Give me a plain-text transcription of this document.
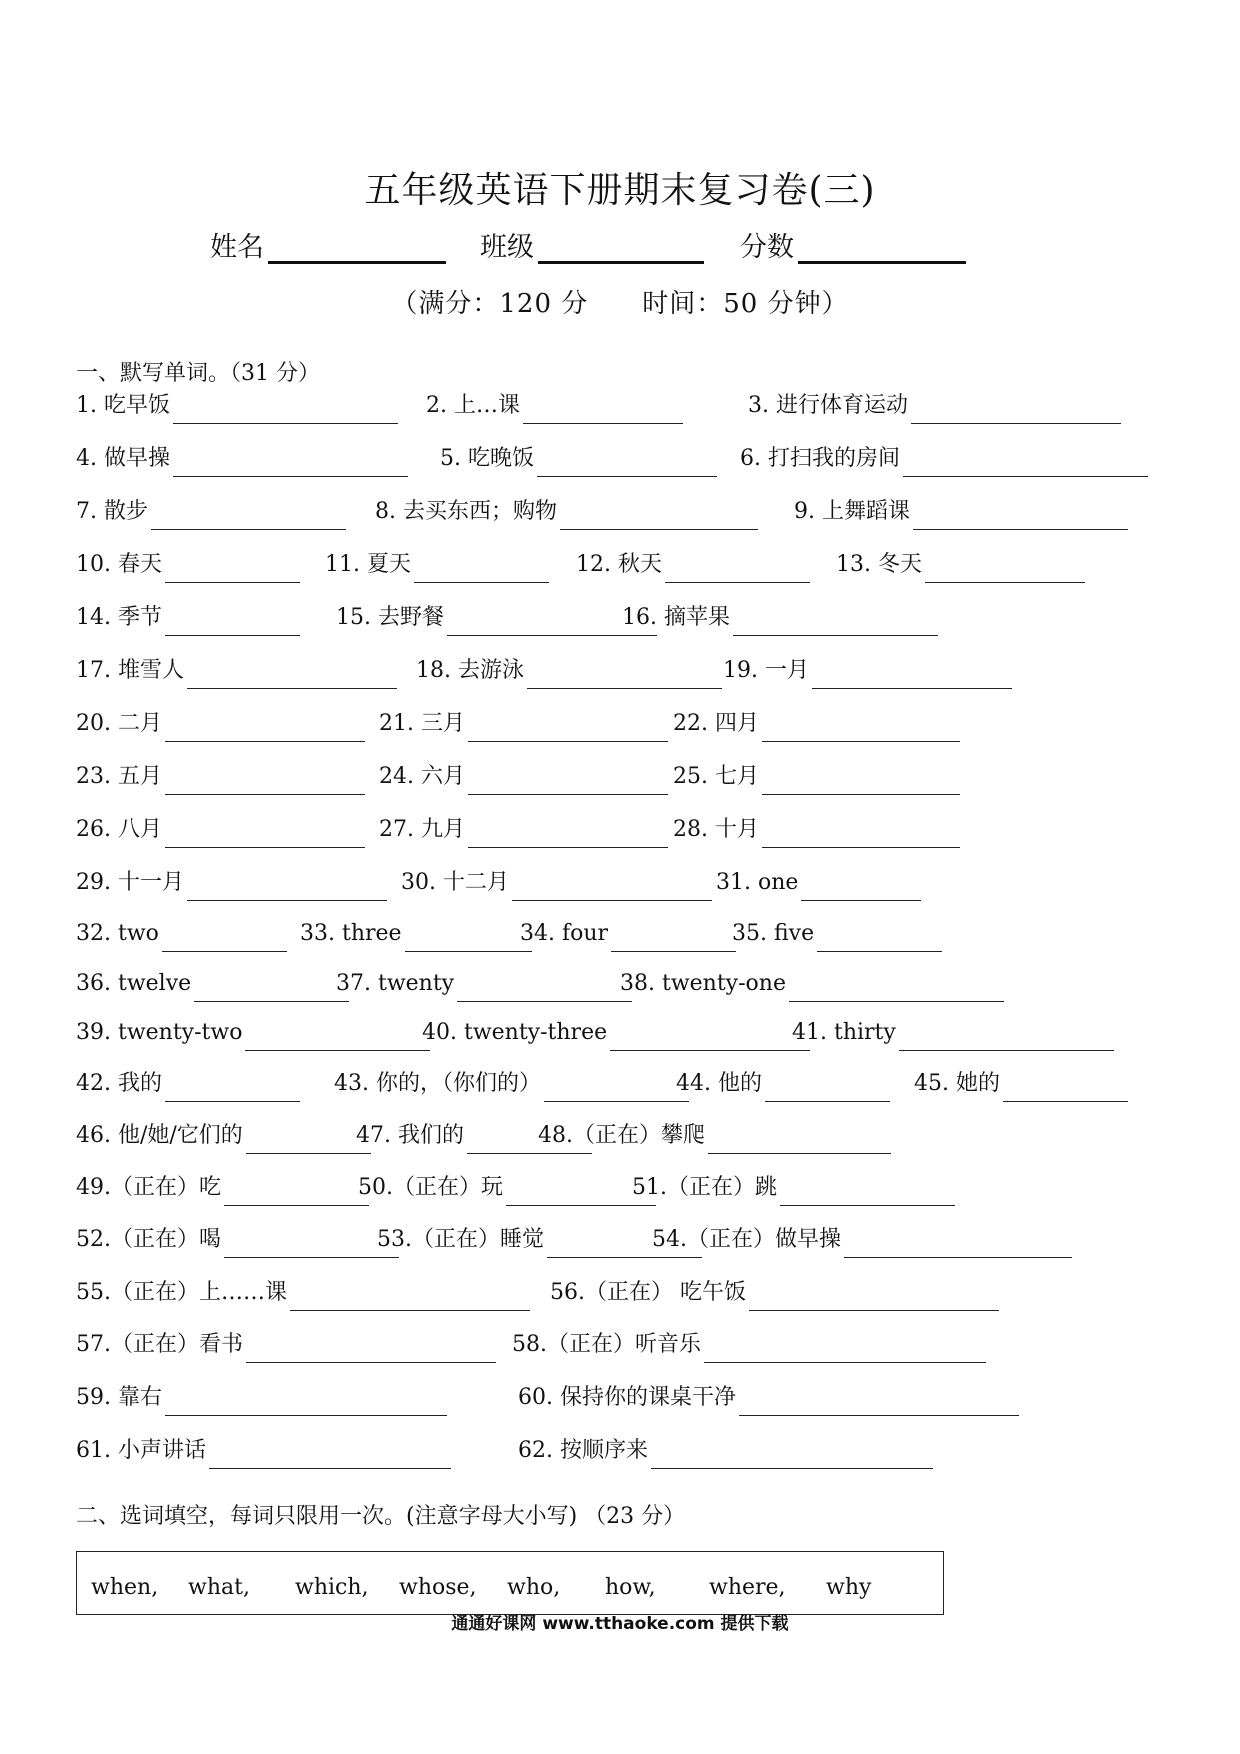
五年级英语下册期末复习卷(三)
姓名	班级	分数
（满分：120 分　　时间：50 分钟）
一、默写单词。（31 分）
1. 吃早饭	2. 上…课	3. 进行体育运动
4. 做早操	5. 吃晚饭	6. 打扫我的房间
7. 散步	8. 去买东西；购物	9. 上舞蹈课
10. 春天	11. 夏天	12. 秋天	13. 冬天
14. 季节	15. 去野餐	16. 摘苹果
17. 堆雪人	18. 去游泳	19. 一月
20. 二月	21. 三月	22. 四月
23. 五月	24. 六月	25. 七月
26. 八月	27. 九月	28. 十月
29. 十一月	30. 十二月	31. one
32. two	33. three	34. four	35. five
36. twelve	37. twenty	38. twenty-one
39. twenty-two	40. twenty-three	41. thirty
42. 我的	43. 你的，（你们的）	44. 他的	45. 她的
46. 他/她/它们的	47. 我们的	48.（正在）攀爬
49.（正在）吃	50.（正在）玩	51.（正在）跳
52.（正在）喝	53.（正在）睡觉	54.（正在）做早操
55.（正在）上……课	56.（正在） 吃午饭
57.（正在）看书	58.（正在）听音乐
59. 靠右	60. 保持你的课桌干净
61. 小声讲话	62. 按顺序来
二、选词填空，每词只限用一次。(注意字母大小写) （23 分）
when, what, which, whose, who, how, where, why
通通好课网 www.tthaoke.com 提供下载
